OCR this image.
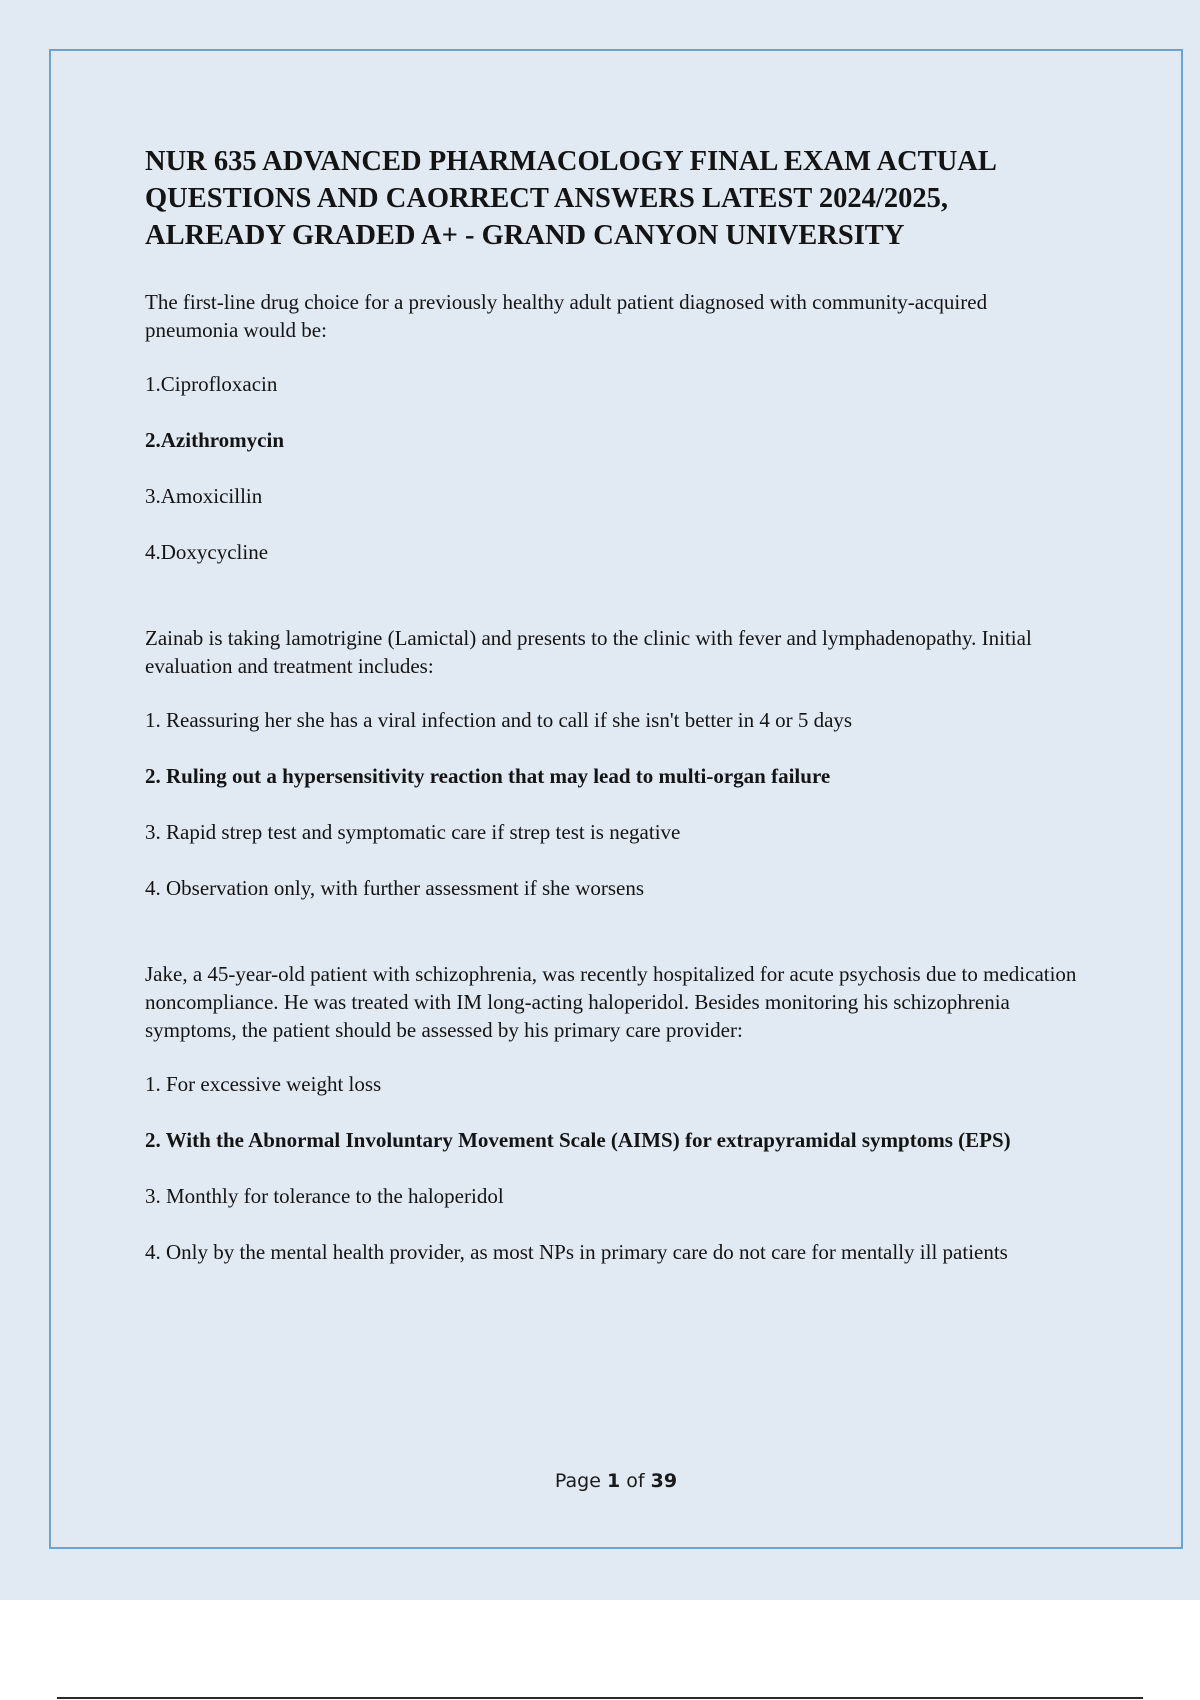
NUR 635 ADVANCED PHARMACOLOGY FINAL EXAM ACTUAL QUESTIONS AND CAORRECT ANSWERS LATEST 2024/2025, ALREADY GRADED A+ - GRAND CANYON UNIVERSITY

The first-line drug choice for a previously healthy adult patient diagnosed with community-acquired pneumonia would be:

1.Ciprofloxacin

2.Azithromycin

3.Amoxicillin

4.Doxycycline

Zainab is taking lamotrigine (Lamictal) and presents to the clinic with fever and lymphadenopathy. Initial evaluation and treatment includes:

1. Reassuring her she has a viral infection and to call if she isn't better in 4 or 5 days

2. Ruling out a hypersensitivity reaction that may lead to multi-organ failure

3. Rapid strep test and symptomatic care if strep test is negative

4. Observation only, with further assessment if she worsens

Jake, a 45-year-old patient with schizophrenia, was recently hospitalized for acute psychosis due to medication noncompliance. He was treated with IM long-acting haloperidol. Besides monitoring his schizophrenia symptoms, the patient should be assessed by his primary care provider:

1. For excessive weight loss

2. With the Abnormal Involuntary Movement Scale (AIMS) for extrapyramidal symptoms (EPS)

3. Monthly for tolerance to the haloperidol

4. Only by the mental health provider, as most NPs in primary care do not care for mentally ill patients

Page 1 of 39
